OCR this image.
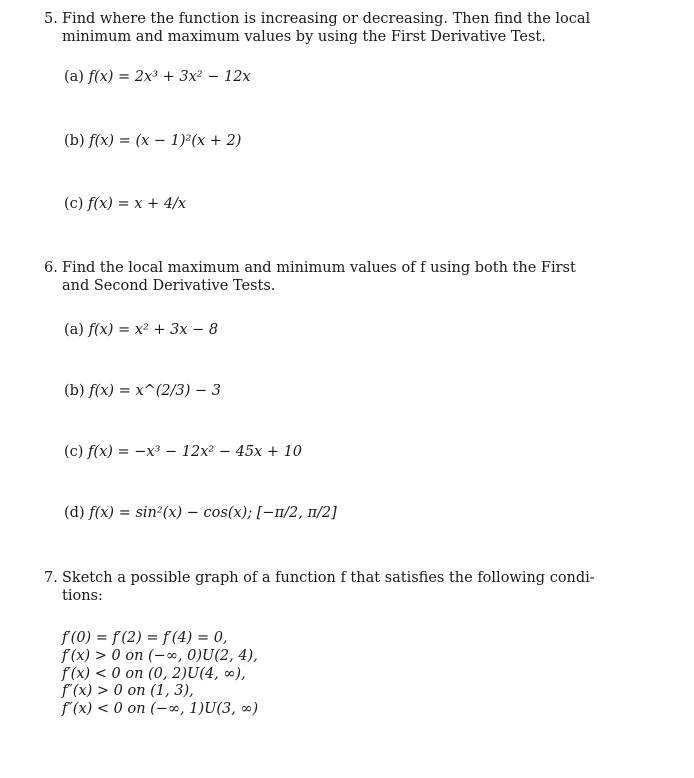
5. Find where the function is increasing or decreasing. Then find the local
minimum and maximum values by using the First Derivative Test.
(a) f(x) = 2x³ + 3x² − 12x
(b) f(x) = (x − 1)²(x + 2)
(c) f(x) = x + 4/x
6. Find the local maximum and minimum values of f using both the First
and Second Derivative Tests.
(a) f(x) = x² + 3x − 8
(b) f(x) = x^(2/3) − 3
(c) f(x) = −x³ − 12x² − 45x + 10
(d) f(x) = sin²(x) − cos(x); [−π/2, π/2]
7. Sketch a possible graph of a function f that satisfies the following condi-
tions:
f′(0) = f′(2) = f′(4) = 0,
f′(x) > 0 on (−∞, 0)U(2, 4),
f′(x) < 0 on (0, 2)U(4, ∞),
f″(x) > 0 on (1, 3),
f″(x) < 0 on (−∞, 1)U(3, ∞)
